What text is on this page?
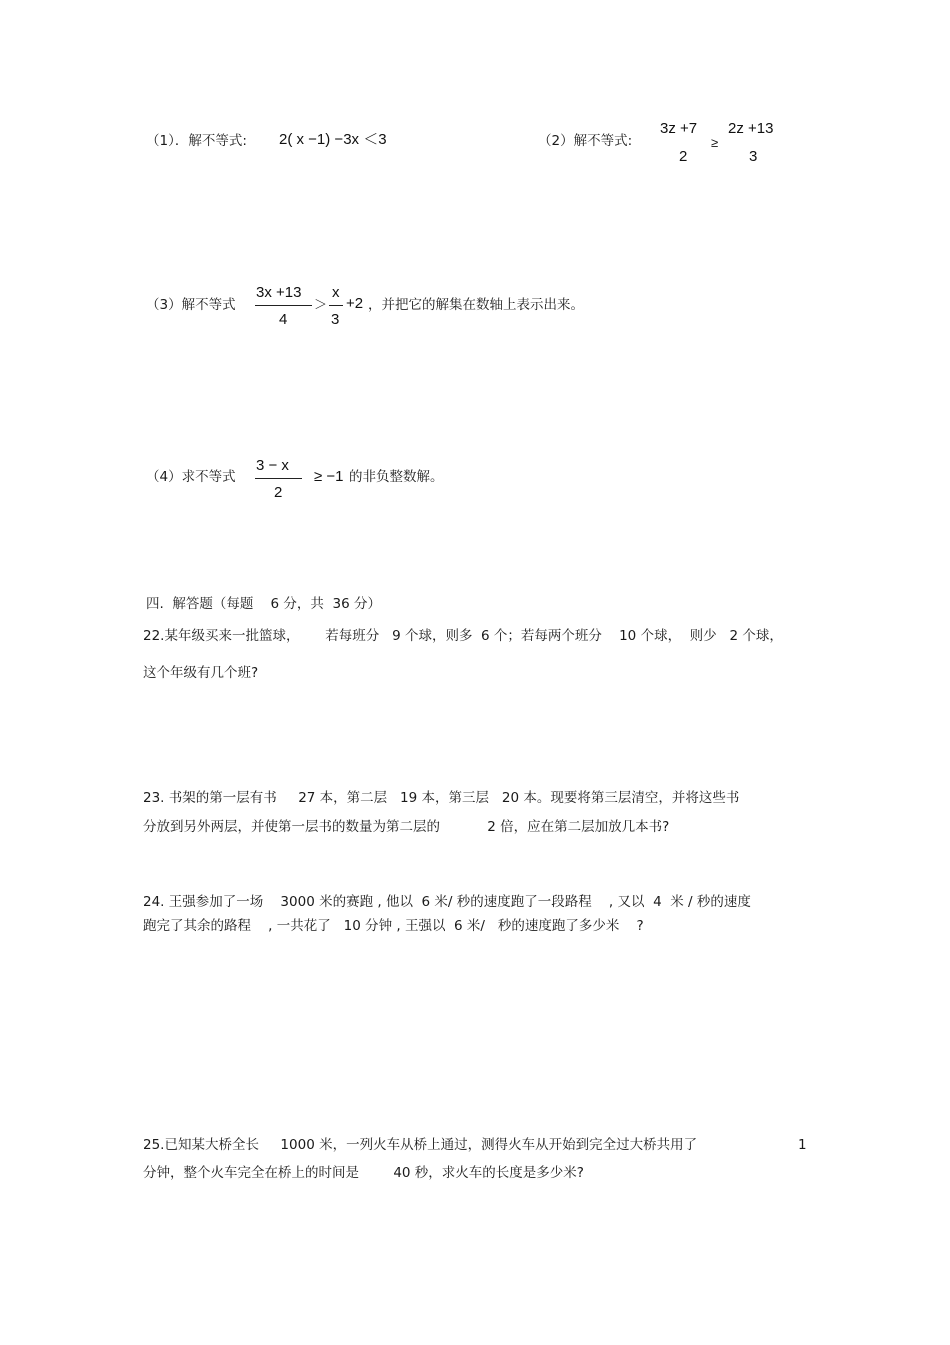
（1）．解不等式: 2( x −1) −3x ＜3	（2）解不等式:
3z +7
2
≥
2z +13
3
（3）解不等式
3x +13
4
＞
x
3
+2 ，并把它的解集在数轴上表示出来。
（4）求不等式
3 − x
2
≥ −1 的非负整数解。
四.  解答题（每题    6 分，共  36 分）
22.某年级买来一批篮球，      若每班分   9 个球，则多  6 个；若每两个班分    10 个球，  则少   2 个球，
这个年级有几个班?
23. 书架的第一层有书     27 本，第二层   19 本，第三层   20 本。现要将第三层清空，并将这些书
分放到另外两层，并使第一层书的数量为第二层的           2 倍，应在第二层加放几本书?
24. 王强参加了一场    3000 米的赛跑 , 他以  6 米/ 秒的速度跑了一段路程    , 又以  4  米 / 秒的速度
跑完了其余的路程    , 一共花了   10 分钟 , 王强以  6 米/   秒的速度跑了多少米    ?
25.已知某大桥全长     1000 米，一列火车从桥上通过，测得火车从开始到完全过大桥共用了	1
分钟，整个火车完全在桥上的时间是        40 秒，求火车的长度是多少米?
